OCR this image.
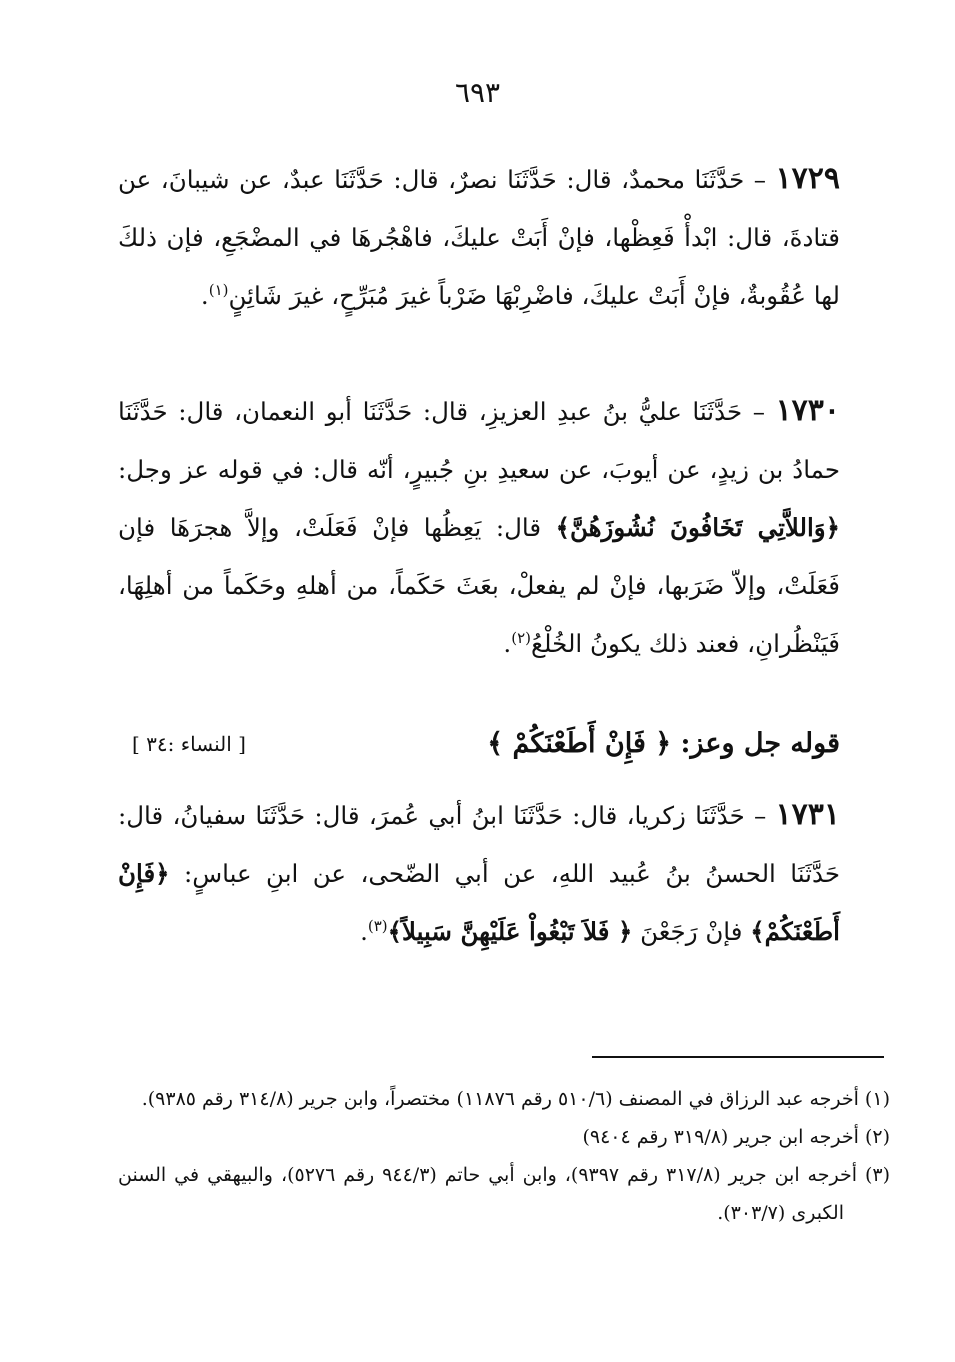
٦٩٣

١٧٢٩ – حَدَّثَنَا محمدٌ، قال: حَدَّثَنَا نصرٌ، قال: حَدَّثَنَا عبدٌ، عن شيبانَ، عن قتادةَ، قال: ابْدأْ فَعِظْها، فإنْ أَبَتْ عليكَ، فاهْجُرهَا في المضْجَعِ، فإن ذلكَ لها عُقُوبةٌ، فإنْ أَبَتْ عليكَ، فاضْرِبْهَا ضَرْباً غيرَ مُبَرِّحٍ، غيرَ شَائِنٍ$^{(١)}$.

١٧٣٠ – حَدَّثَنَا عليُّ بنُ عبدِ العزيزِ، قال: حَدَّثَنَا أبو النعمان، قال: حَدَّثَنَا حمادُ بن زيدٍ، عن أيوبَ، عن سعيدِ بنِ جُبيرٍ، أنّه قال: في قوله عز وجل: ﴿وَاللاَّتِي تَخَافُونَ نُشُوزَهُنَّ﴾ قال: يَعِظُها فإنْ فَعَلَتْ، وإلاَّ هجرَهَا فإن فَعَلَتْ، وإلاّ ضَرَبها، فإنْ لم يفعلْ، بعَثَ حَكَماً، من أهلهِ وحَكَماً من أهلِهَا، فَيَنْظُرانِ، فعند ذلك يكونُ الخُلْعُ$^{(٢)}$.

قوله جل وعز: ﴿ فَإِنْ أَطَعْنَكُمْ ﴾
[ النساء :٣٤ ]

١٧٣١ – حَدَّثَنَا زكريا، قال: حَدَّثَنَا ابنُ أبي عُمرَ، قال: حَدَّثَنَا سفيانُ، قال: حَدَّثَنَا الحسنُ بنُ عُبيد اللهِ، عن أبي الضّحى، عن ابنِ عباسٍ: ﴿فَإِنْ أَطَعْنَكُمْ﴾ فإنْ رَجَعْنَ ﴿ فَلاَ تَبْغُواْ عَلَيْهِنَّ سَبِيلاً﴾$^{(٣)}$.

(١) أخرجه عبد الرزاق في المصنف (٥١٠/٦ رقم ١١٨٧٦) مختصراً، وابن جرير (٣١٤/٨ رقم ٩٣٨٥).

(٢) أخرجه ابن جرير (٣١٩/٨ رقم ٩٤٠٤)

(٣) أخرجه ابن جرير (٣١٧/٨ رقم ٩٣٩٧)، وابن أبي حاتم (٩٤٤/٣ رقم ٥٢٧٦)، والبيهقي في السنن الكبرى (٣٠٣/٧).
